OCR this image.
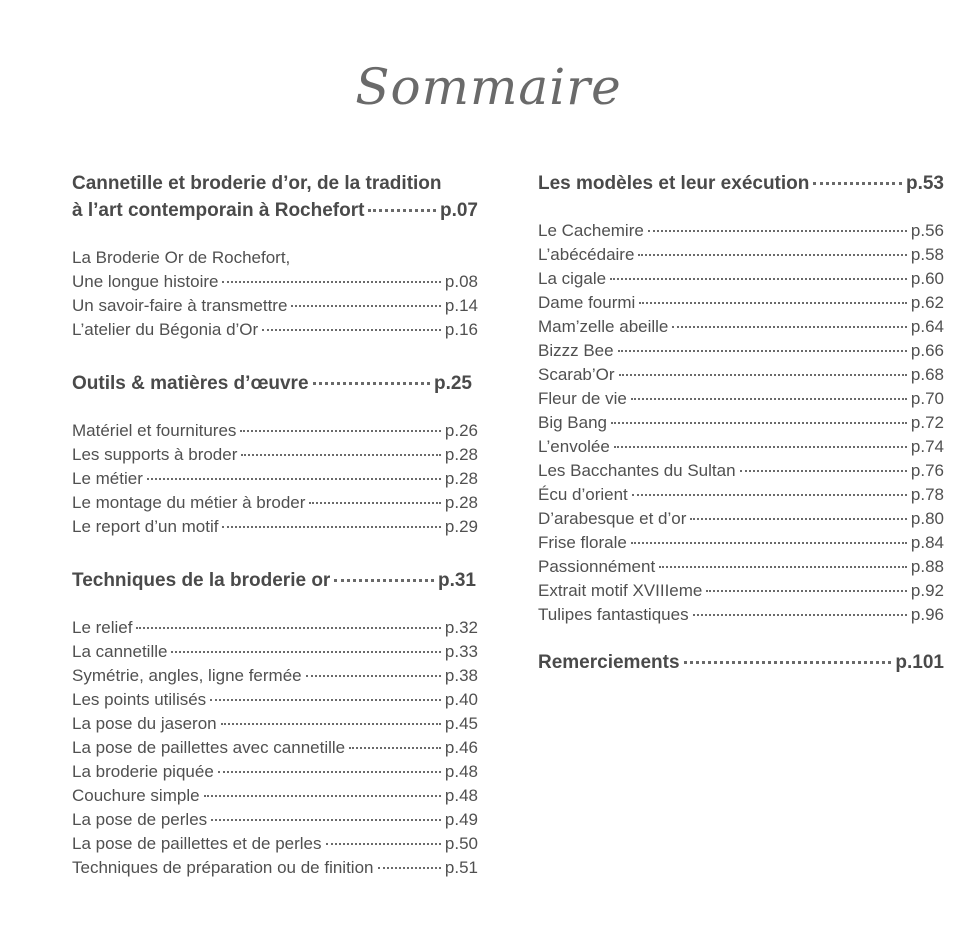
Sommaire
Cannetille et broderie d’or, de la tradition
à l’art contemporain à Rochefort	p.07
La Broderie Or de Rochefort,
Une longue histoire	p.08
Un savoir-faire à transmettre	p.14
L’atelier du Bégonia d’Or	p.16
Outils & matières d’œuvre	p.25
Matériel et fournitures	p.26
Les supports à broder	p.28
Le métier	p.28
Le montage du métier à broder	p.28
Le report d’un motif	p.29
Techniques de la broderie or	p.31
Le relief	p.32
La cannetille	p.33
Symétrie, angles, ligne fermée	p.38
Les points utilisés	p.40
La pose du jaseron	p.45
La pose de paillettes avec cannetille	p.46
La broderie piquée	p.48
Couchure simple	p.48
La pose de perles	p.49
La pose de paillettes et de perles	p.50
Techniques de préparation ou de finition	p.51
Les modèles et leur exécution	p.53
Le Cachemire	p.56
L’abécédaire	p.58
La cigale	p.60
Dame fourmi	p.62
Mam’zelle abeille	p.64
Bizzz Bee	p.66
Scarab’Or	p.68
Fleur de vie	p.70
Big Bang	p.72
L’envolée	p.74
Les Bacchantes du Sultan	p.76
Écu d’orient	p.78
D’arabesque et d’or	p.80
Frise florale	p.84
Passionnément	p.88
Extrait motif XVIIIeme	p.92
Tulipes fantastiques	p.96
Remerciements	p.101
